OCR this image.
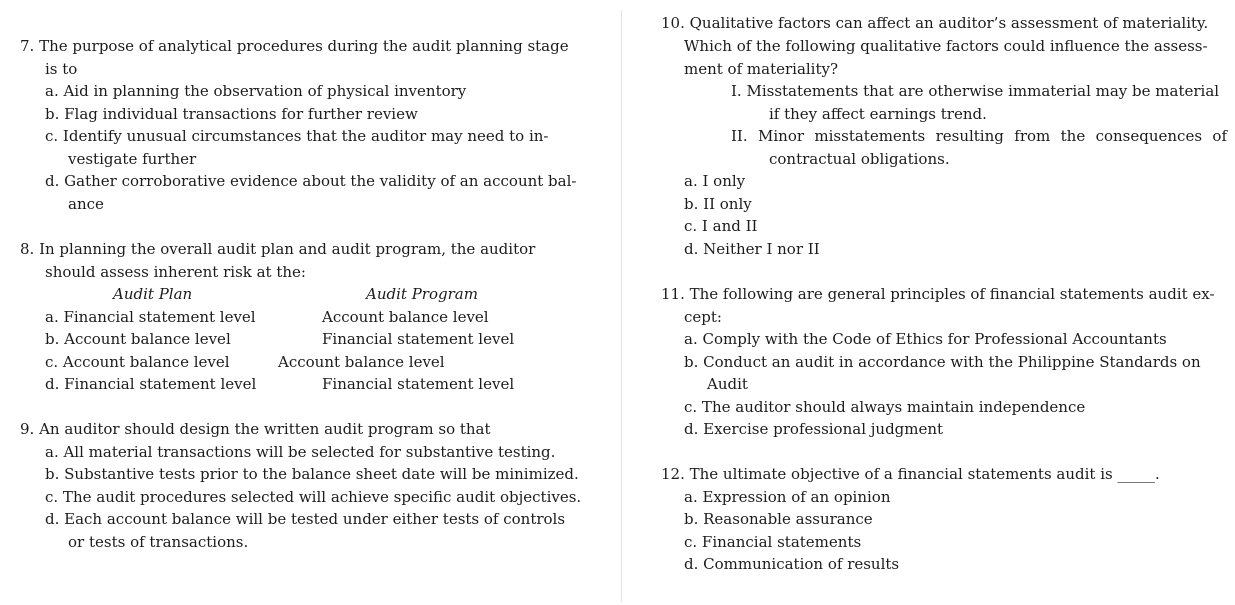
7. The purpose of analytical procedures during the audit planning stage
is to
a. Aid in planning the observation of physical inventory
b. Flag individual transactions for further review
c. Identify unusual circumstances that the auditor may need to in-
vestigate further
d. Gather corroborative evidence about the validity of an account bal-
ance
8. In planning the overall audit plan and audit program, the auditor
should assess inherent risk at the:
Audit Plan	Audit Program
a. Financial statement level	Account balance level
b. Account balance level	Financial statement level
c. Account balance level	Account balance level
d. Financial statement level	Financial statement level
9. An auditor should design the written audit program so that
a. All material transactions will be selected for substantive testing.
b. Substantive tests prior to the balance sheet date will be minimized.
c. The audit procedures selected will achieve specific audit objectives.
d. Each account balance will be tested under either tests of controls
or tests of transactions.
10. Qualitative factors can affect an auditor’s assessment of materiality.
Which of the following qualitative factors could influence the assess-
ment of materiality?
I. Misstatements that are otherwise immaterial may be material
if they affect earnings trend.
II. Minor misstatements resulting from the consequences of
contractual obligations.
a. I only
b. II only
c. I and II
d. Neither I nor II
11. The following are general principles of financial statements audit ex-
cept:
a. Comply with the Code of Ethics for Professional Accountants
b. Conduct an audit in accordance with the Philippine Standards on
Audit
c. The auditor should always maintain independence
d. Exercise professional judgment
12. The ultimate objective of a financial statements audit is _____.
a. Expression of an opinion
b. Reasonable assurance
c. Financial statements
d. Communication of results
